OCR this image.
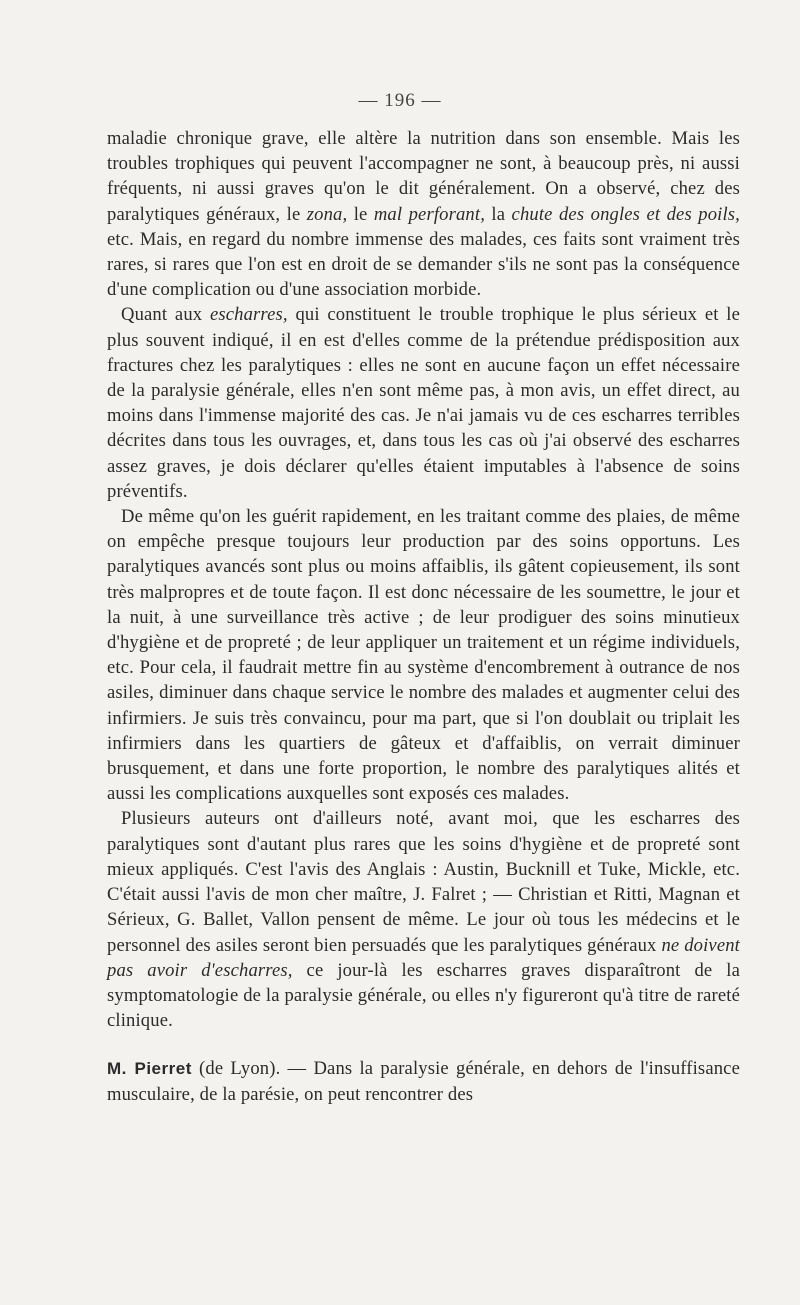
— 196 —

maladie chronique grave, elle altère la nutrition dans son ensemble. Mais les troubles trophiques qui peuvent l'accompagner ne sont, à beaucoup près, ni aussi fréquents, ni aussi graves qu'on le dit généralement. On a observé, chez des paralytiques généraux, le zona, le mal perforant, la chute des ongles et des poils, etc. Mais, en regard du nombre immense des malades, ces faits sont vraiment très rares, si rares que l'on est en droit de se demander s'ils ne sont pas la conséquence d'une complication ou d'une association morbide.

Quant aux escharres, qui constituent le trouble trophique le plus sérieux et le plus souvent indiqué, il en est d'elles comme de la prétendue prédisposition aux fractures chez les paralytiques : elles ne sont en aucune façon un effet nécessaire de la paralysie générale, elles n'en sont même pas, à mon avis, un effet direct, au moins dans l'immense majorité des cas. Je n'ai jamais vu de ces escharres terribles décrites dans tous les ouvrages, et, dans tous les cas où j'ai observé des escharres assez graves, je dois déclarer qu'elles étaient imputables à l'absence de soins préventifs.

De même qu'on les guérit rapidement, en les traitant comme des plaies, de même on empêche presque toujours leur production par des soins opportuns. Les paralytiques avancés sont plus ou moins affaiblis, ils gâtent copieusement, ils sont très malpropres et de toute façon. Il est donc nécessaire de les soumettre, le jour et la nuit, à une surveillance très active ; de leur prodiguer des soins minutieux d'hygiène et de propreté ; de leur appliquer un traitement et un régime individuels, etc. Pour cela, il faudrait mettre fin au système d'encombrement à outrance de nos asiles, diminuer dans chaque service le nombre des malades et augmenter celui des infirmiers. Je suis très convaincu, pour ma part, que si l'on doublait ou triplait les infirmiers dans les quartiers de gâteux et d'affaiblis, on verrait diminuer brusquement, et dans une forte proportion, le nombre des paralytiques alités et aussi les complications auxquelles sont exposés ces malades.

Plusieurs auteurs ont d'ailleurs noté, avant moi, que les escharres des paralytiques sont d'autant plus rares que les soins d'hygiène et de propreté sont mieux appliqués. C'est l'avis des Anglais : Austin, Bucknill et Tuke, Mickle, etc. C'était aussi l'avis de mon cher maître, J. Falret ; — Christian et Ritti, Magnan et Sérieux, G. Ballet, Vallon pensent de même. Le jour où tous les médecins et le personnel des asiles seront bien persuadés que les paralytiques généraux ne doivent pas avoir d'escharres, ce jour-là les escharres graves disparaîtront de la symptomatologie de la paralysie générale, ou elles n'y figureront qu'à titre de rareté clinique.

M. Pierret (de Lyon). — Dans la paralysie générale, en dehors de l'insuffisance musculaire, de la parésie, on peut rencontrer des
